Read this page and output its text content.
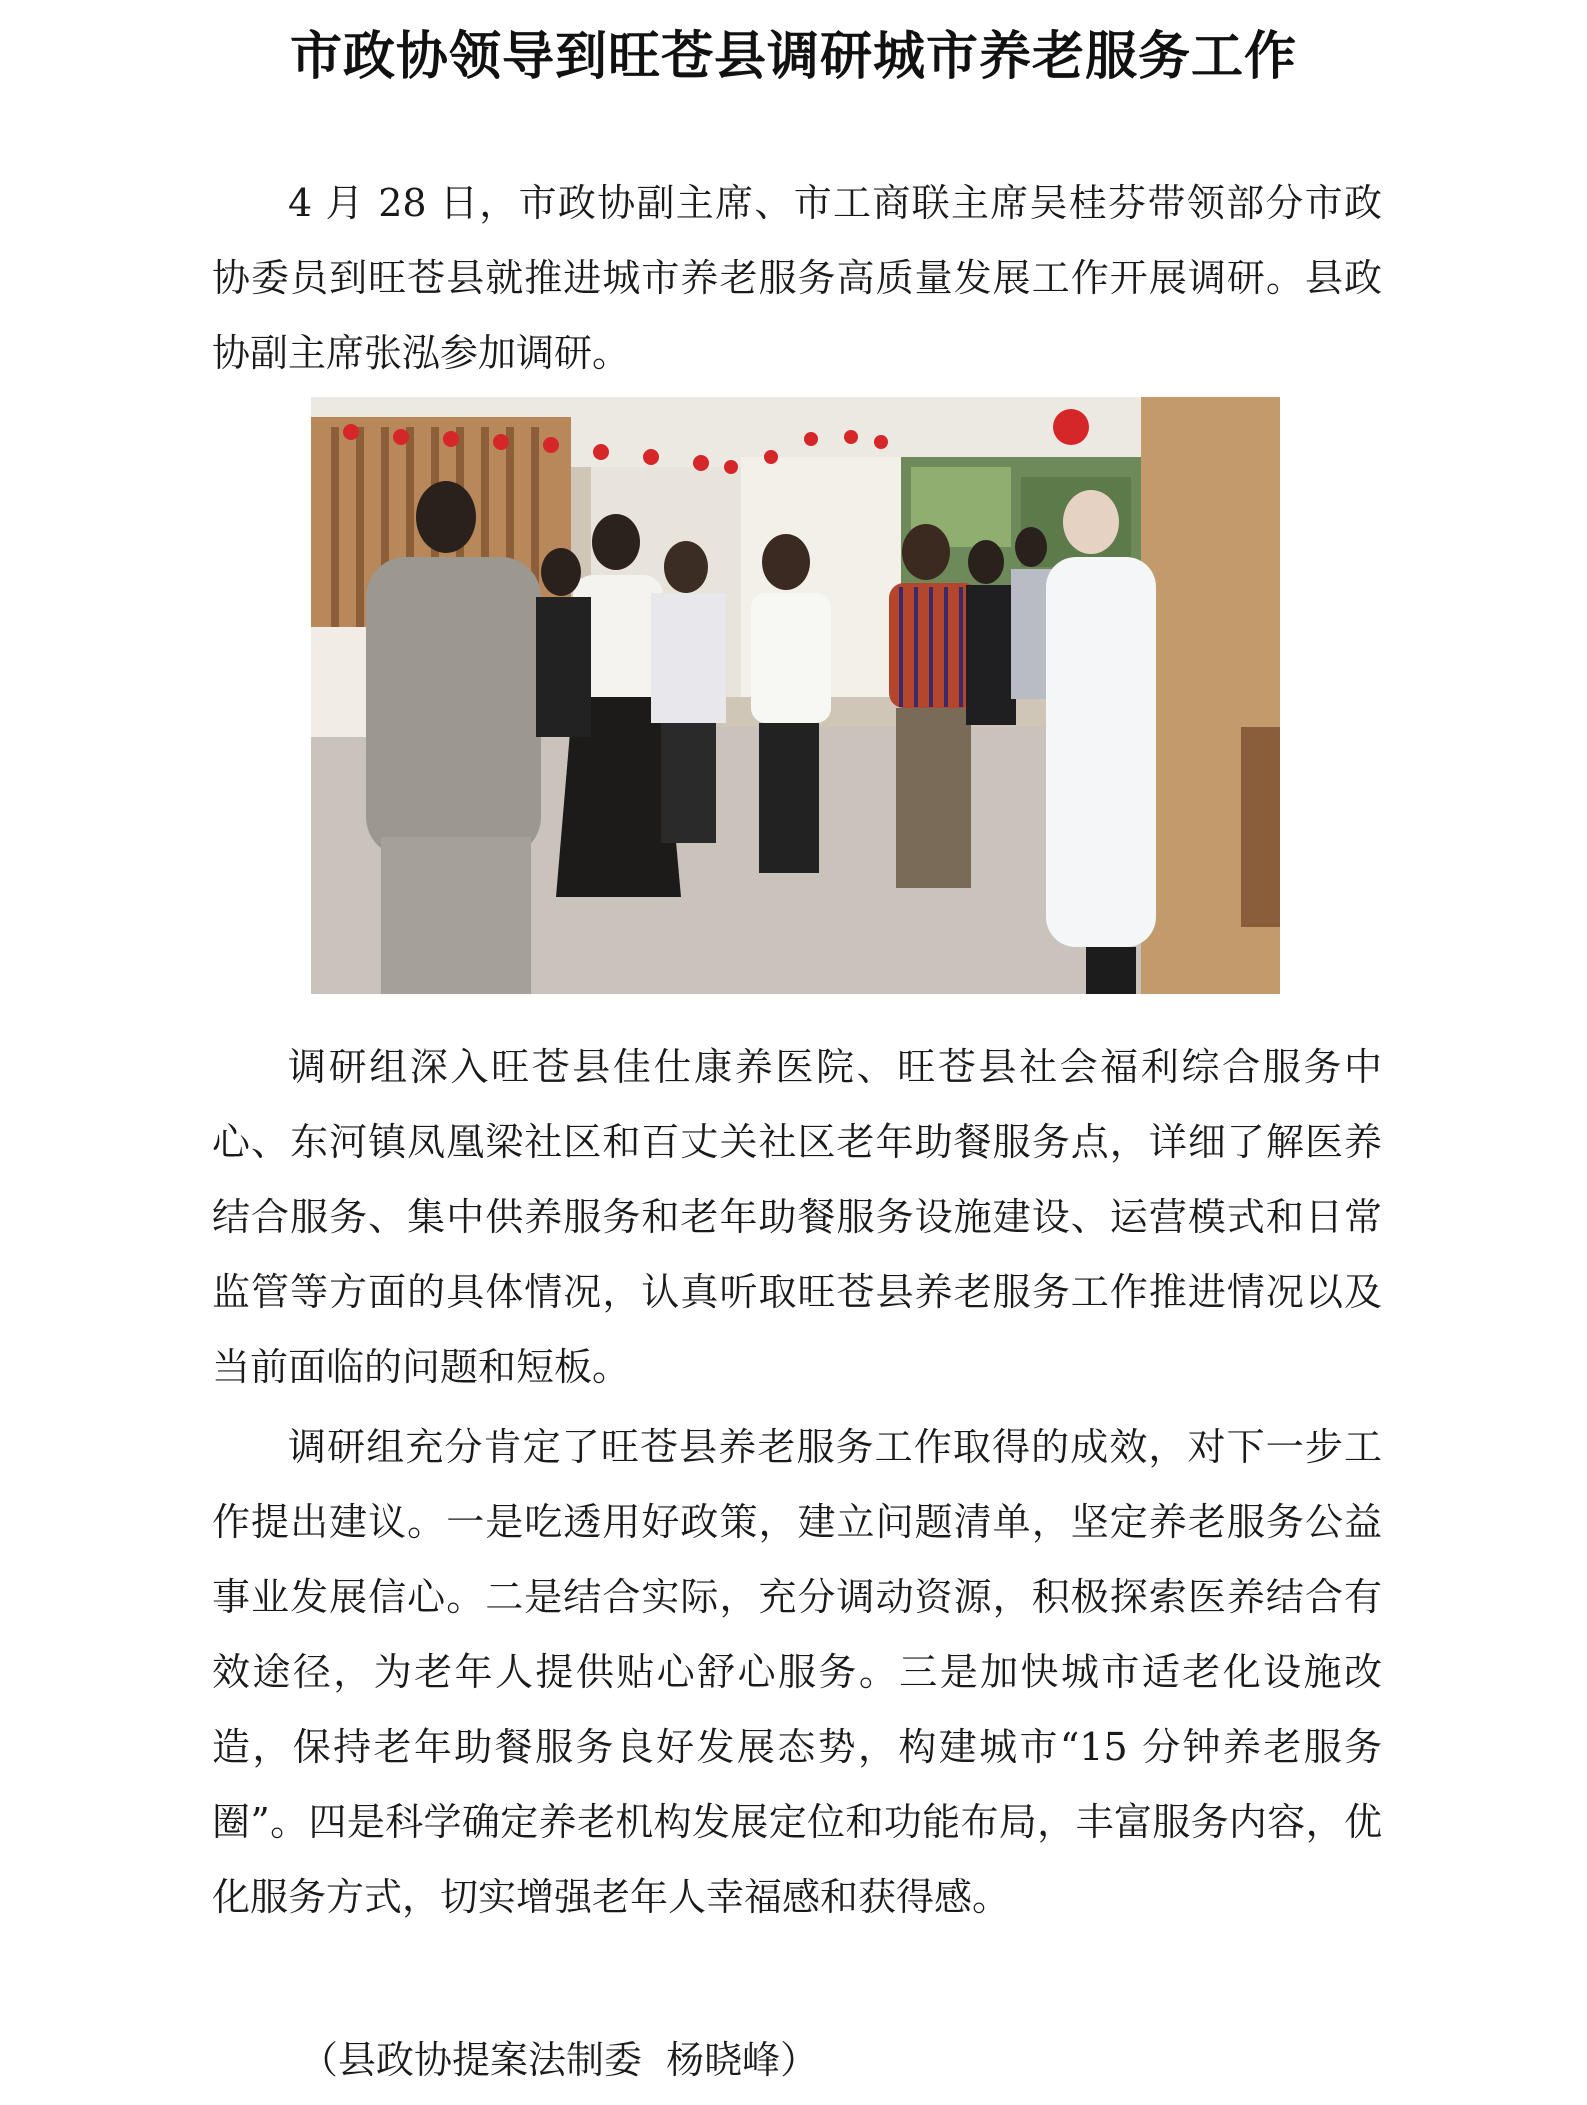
市政协领导到旺苍县调研城市养老服务工作

4 月 28 日，市政协副主席、市工商联主席吴桂芬带领部分市政协委员到旺苍县就推进城市养老服务高质量发展工作开展调研。县政协副主席张泓参加调研。

调研组深入旺苍县佳仕康养医院、旺苍县社会福利综合服务中心、东河镇凤凰梁社区和百丈关社区老年助餐服务点，详细了解医养结合服务、集中供养服务和老年助餐服务设施建设、运营模式和日常监管等方面的具体情况，认真听取旺苍县养老服务工作推进情况以及当前面临的问题和短板。

调研组充分肯定了旺苍县养老服务工作取得的成效，对下一步工作提出建议。一是吃透用好政策，建立问题清单，坚定养老服务公益事业发展信心。二是结合实际，充分调动资源，积极探索医养结合有效途径，为老年人提供贴心舒心服务。三是加快城市适老化设施改造，保持老年助餐服务良好发展态势，构建城市“15 分钟养老服务圈”。四是科学确定养老机构发展定位和功能布局，丰富服务内容，优化服务方式，切实增强老年人幸福感和获得感。

（县政协提案法制委  杨晓峰）
